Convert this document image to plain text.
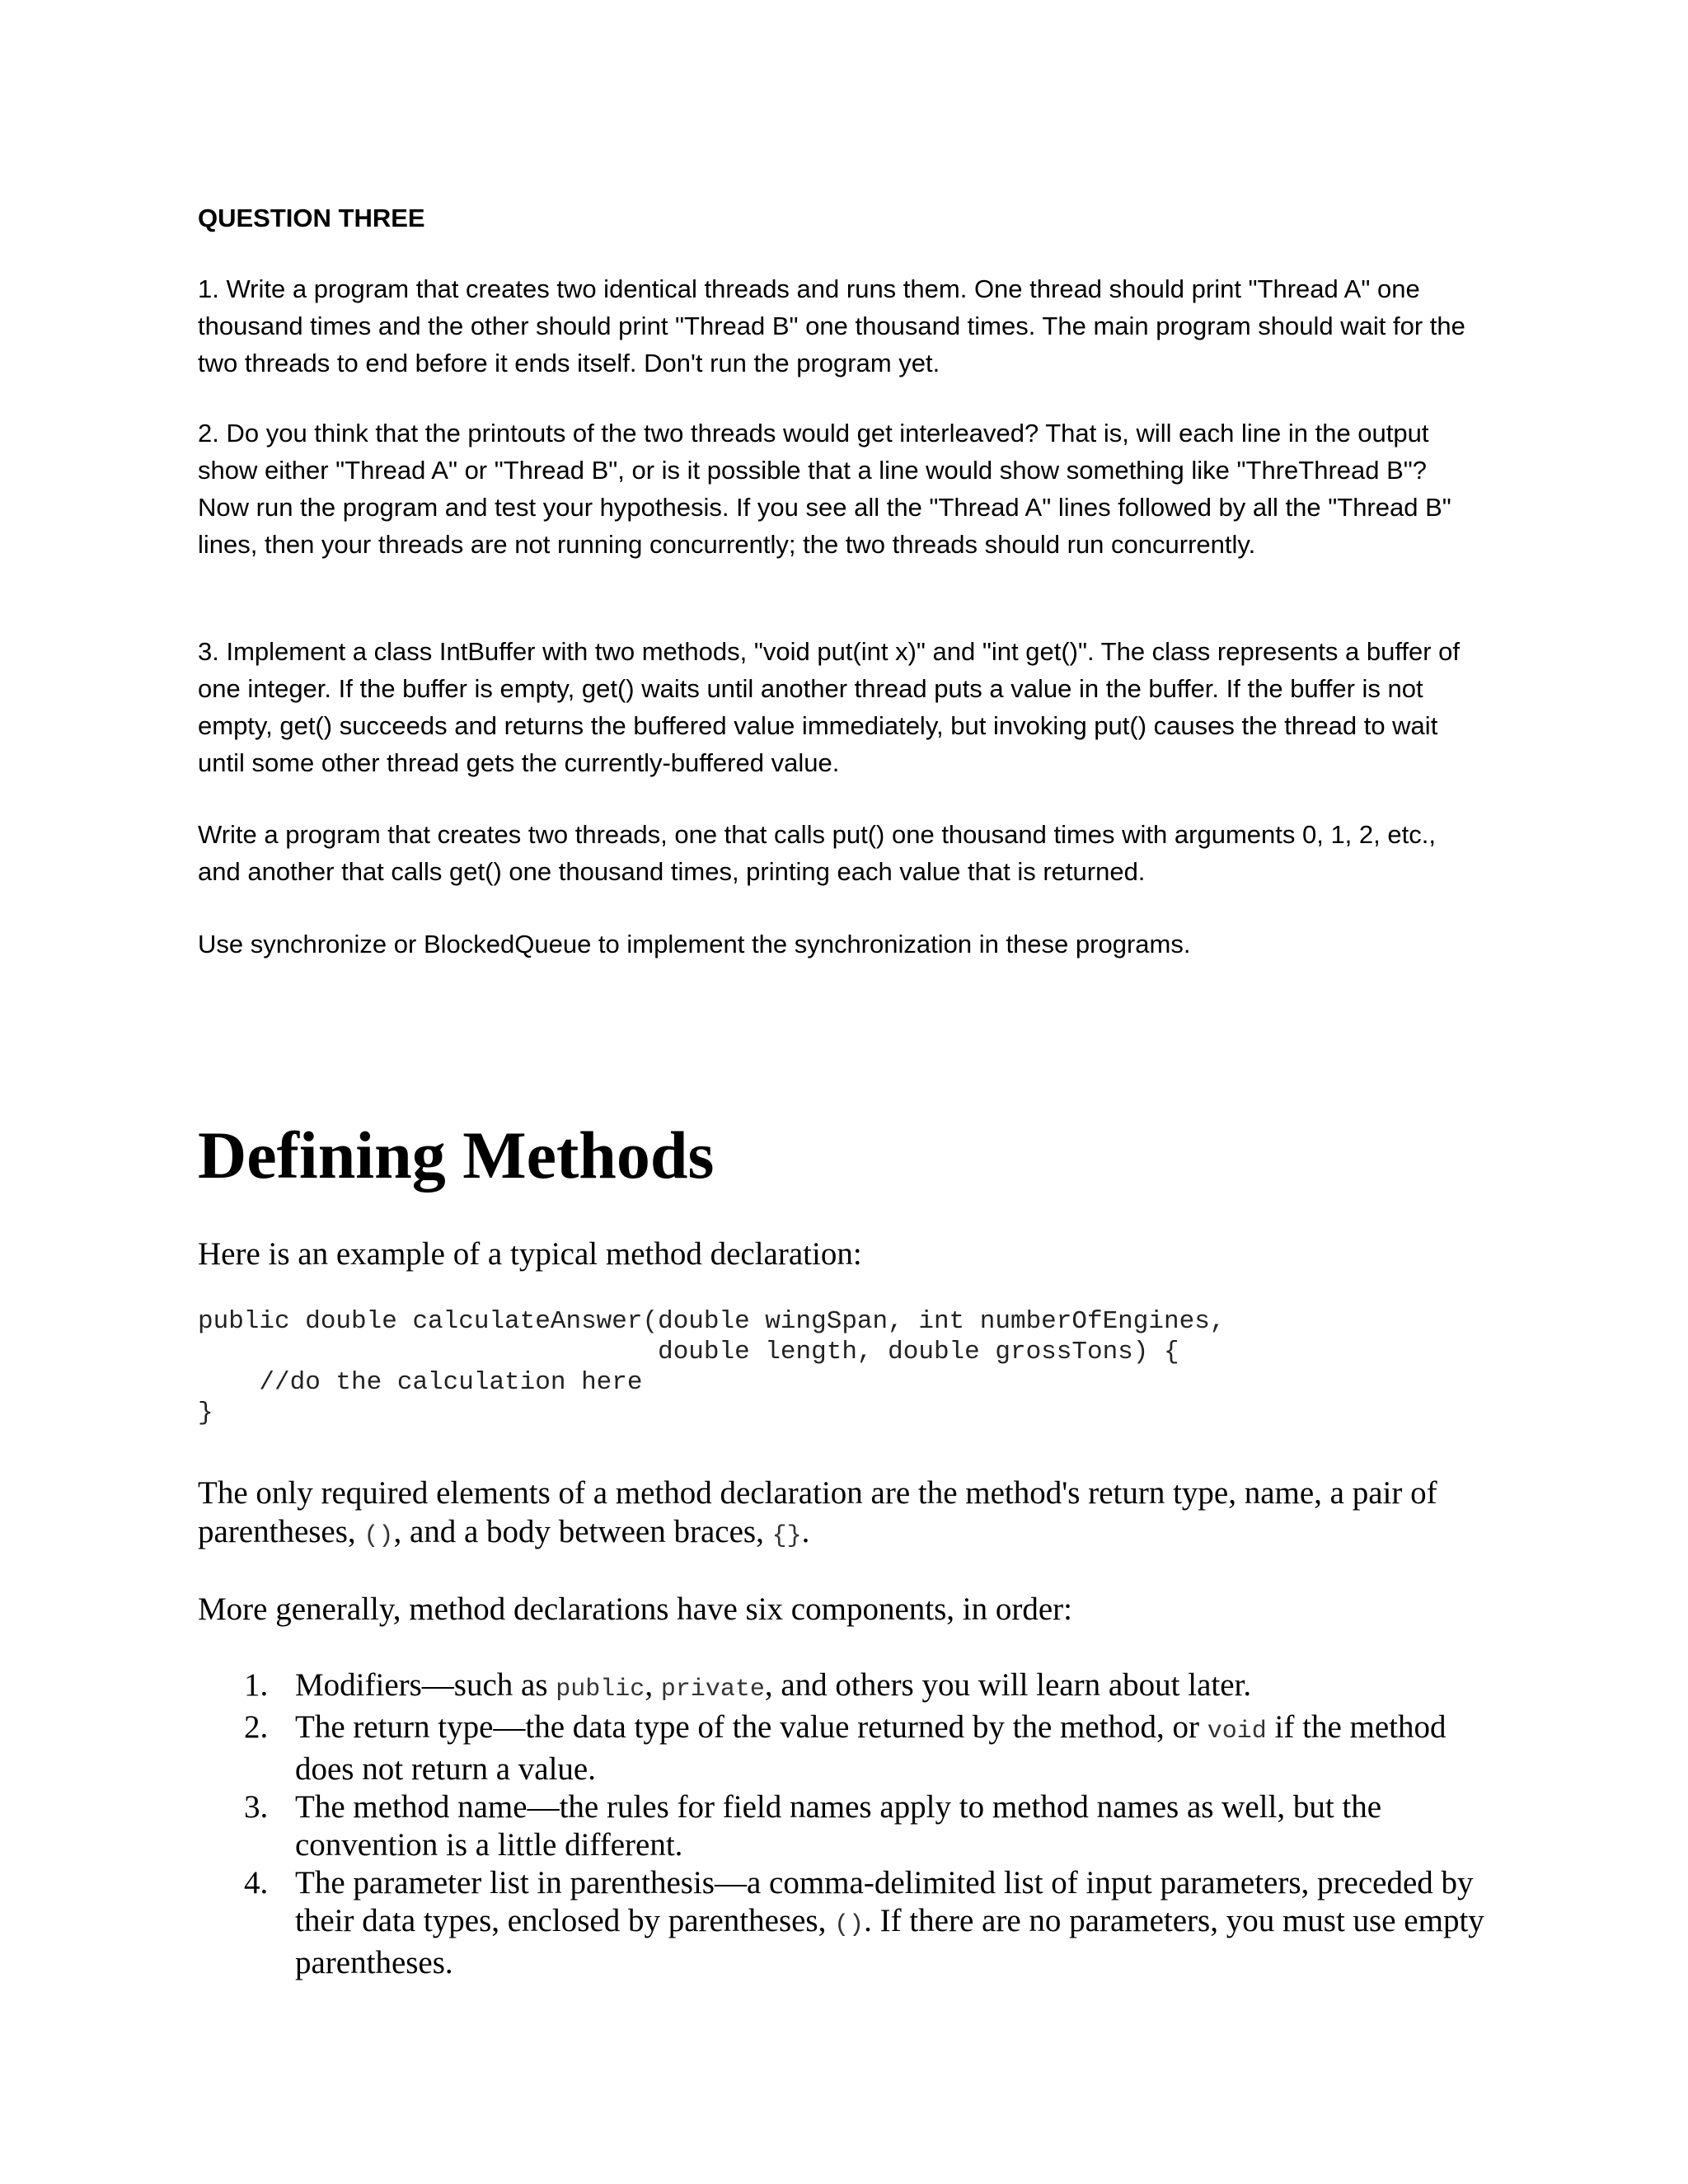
QUESTION THREE

1. Write a program that creates two identical threads and runs them. One thread should print "Thread A" one thousand times and the other should print "Thread B" one thousand times. The main program should wait for the two threads to end before it ends itself. Don't run the program yet.

2. Do you think that the printouts of the two threads would get interleaved? That is, will each line in the output show either "Thread A" or "Thread B", or is it possible that a line would show something like "ThreThread B"? Now run the program and test your hypothesis. If you see all the "Thread A" lines followed by all the "Thread B" lines, then your threads are not running concurrently; the two threads should run concurrently.

3. Implement a class IntBuffer with two methods, "void put(int x)" and "int get()". The class represents a buffer of one integer. If the buffer is empty, get() waits until another thread puts a value in the buffer. If the buffer is not empty, get() succeeds and returns the buffered value immediately, but invoking put() causes the thread to wait until some other thread gets the currently-buffered value.

Write a program that creates two threads, one that calls put() one thousand times with arguments 0, 1, 2, etc., and another that calls get() one thousand times, printing each value that is returned.

Use synchronize or BlockedQueue to implement the synchronization in these programs.

Defining Methods

Here is an example of a typical method declaration:

public double calculateAnswer(double wingSpan, int numberOfEngines,
double length, double grossTons) {
//do the calculation here
}

The only required elements of a method declaration are the method's return type, name, a pair of parentheses, (), and a body between braces, {}.

More generally, method declarations have six components, in order:

1. Modifiers—such as public, private, and others you will learn about later.
2. The return type—the data type of the value returned by the method, or void if the method does not return a value.
3. The method name—the rules for field names apply to method names as well, but the convention is a little different.
4. The parameter list in parenthesis—a comma-delimited list of input parameters, preceded by their data types, enclosed by parentheses, (). If there are no parameters, you must use empty parentheses.
